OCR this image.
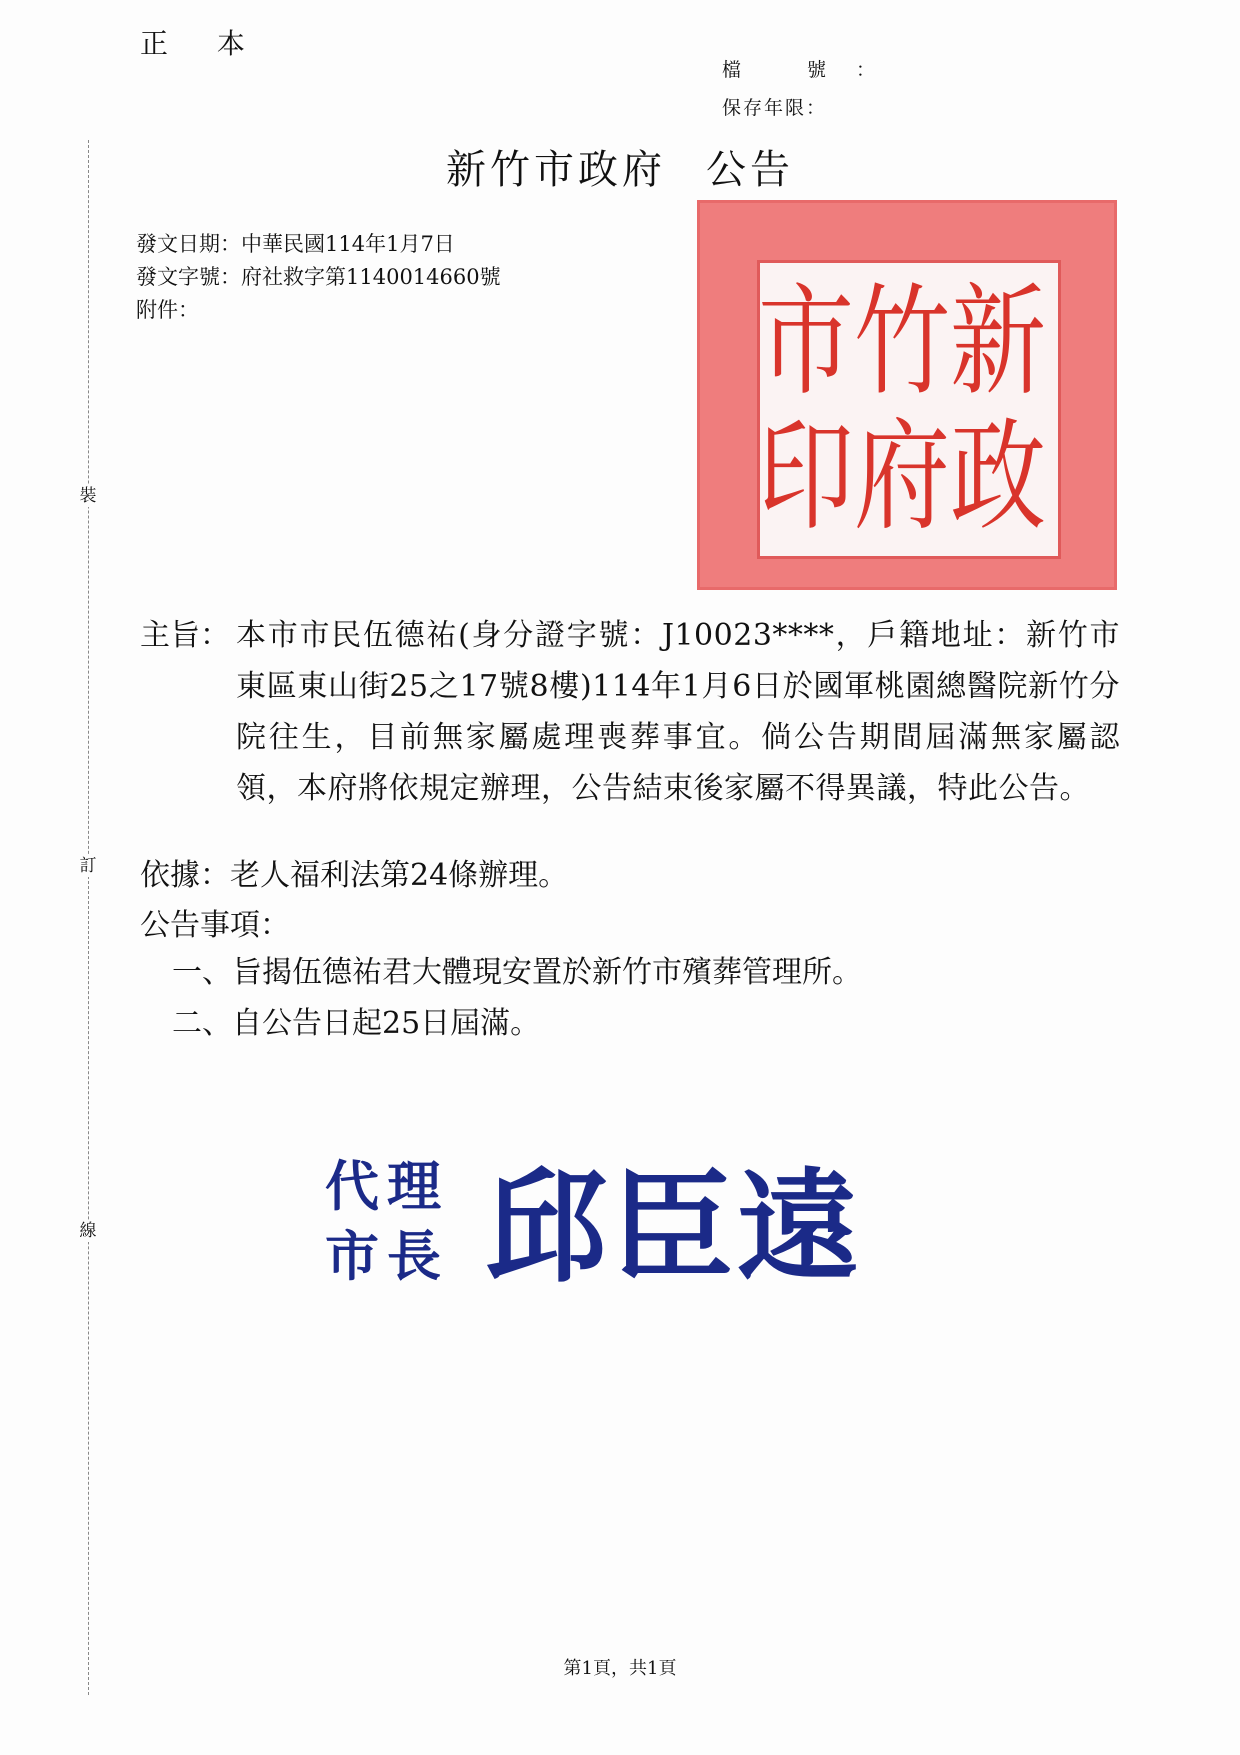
正 本
檔 號：
保存年限：
裝
訂
線
新竹市政府 公告
發文日期：中華民國114年1月7日
發文字號：府社救字第1140014660號
附件：	新
竹
市
政
府
印
主旨： 本市市民伍德祐(身分證字號：J10023****，戶籍地址：新竹市東區東山街25之17號8樓)114年1月6日於國軍桃園總醫院新竹分院往生，目前無家屬處理喪葬事宜。倘公告期間屆滿無家屬認領，本府將依規定辦理，公告結束後家屬不得異議，特此公告。
依據：老人福利法第24條辦理。
公告事項：
一、旨揭伍德祐君大體現安置於新竹市殯葬管理所。
二、自公告日起25日屆滿。
代理
市長 邱臣遠
第1頁，共1頁
